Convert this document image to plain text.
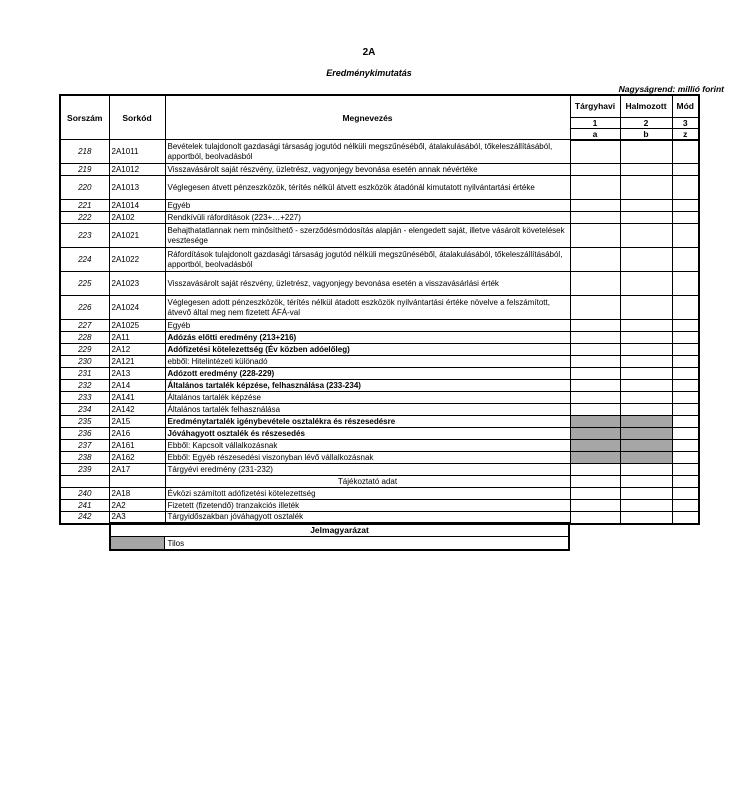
2A
Eredménykimutatás
Nagyságrend: millió forint
Sorszám	Sorkód	Megnevezés	Tárgyhavi	Halmozott	Mód
			1	2	3
			a	b	z
218	2A1011	Bevételek tulajdonolt gazdasági társaság jogutód nélküli megszűnéséből, átalakulásából, tőkeleszállításából, apportból, beolvadásból			
219	2A1012	Visszavásárolt saját részvény, üzletrész, vagyonjegy bevonása esetén annak névértéke			
220	2A1013	Véglegesen átvett pénzeszközök, térítés nélkül átvett eszközök átadónál kimutatott nyilvántartási értéke			
221	2A1014	Egyéb			
222	2A102	Rendkívüli ráfordítások (223+…+227)			
223	2A1021	Behajthatatlannak nem minősíthető - szerződésmódosítás alapján - elengedett saját, illetve vásárolt követelések vesztesége			
224	2A1022	Ráfordítások tulajdonolt gazdasági társaság jogutód nélküli megszűnéséből, átalakulásából, tőkeleszállításából, apportból, beolvadásból			
225	2A1023	Visszavásárolt saját részvény, üzletrész, vagyonjegy bevonása esetén a visszavásárlási érték			
226	2A1024	Véglegesen adott pénzeszközök, térítés nélkül átadott eszközök nyilvántartási értéke növelve a felszámított, átvevő által meg nem fizetett ÁFÁ-val			
227	2A1025	Egyéb			
228	2A11	Adózás előtti eredmény (213+216)			
229	2A12	Adófizetési kötelezettség (Év közben adóelőleg)			
230	2A121	ebből: Hitelintézeti különadó			
231	2A13	Adózott eredmény (228-229)			
232	2A14	Általános tartalék képzése, felhasználása (233-234)			
233	2A141	Általános tartalék képzése			
234	2A142	Általános tartalék felhasználása			
235	2A15	Eredménytartalék igénybevétele osztalékra és részesedésre			
236	2A16	Jóváhagyott osztalék és részesedés			
237	2A161	Ebből: Kapcsolt vállalkozásnak			
238	2A162	Ebből: Egyéb részesedési viszonyban lévő vállalkozásnak			
239	2A17	Tárgyévi eredmény (231-232)			
		Tájékoztató adat			
240	2A18	Évközi számított adófizetési kötelezettség			
241	2A2	Fizetett (fizetendő) tranzakciós illeték			
242	2A3	Tárgyidőszakban jóváhagyott osztalék			
Jelmagyarázat
	Tilos
